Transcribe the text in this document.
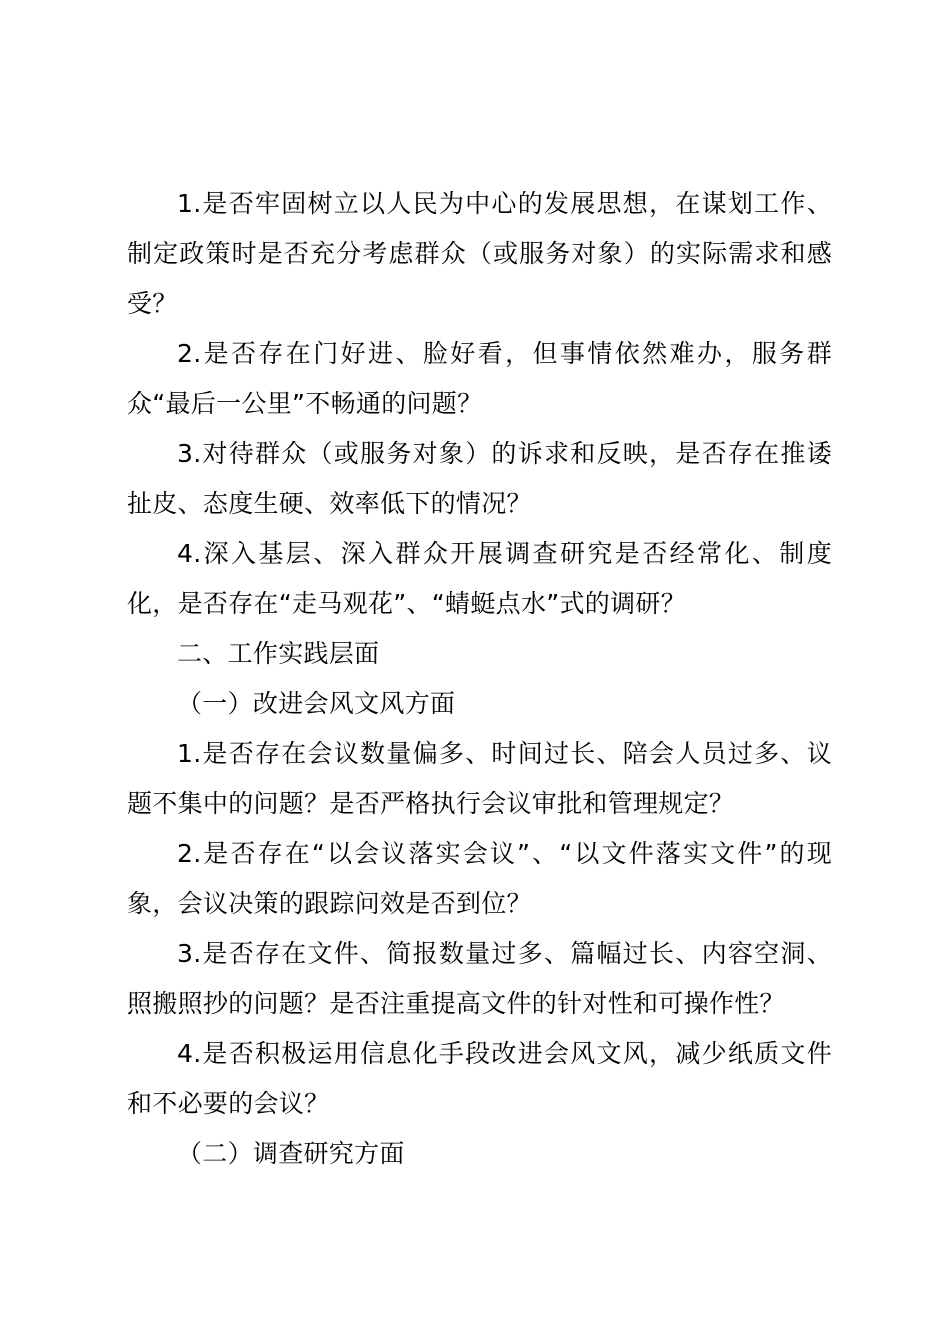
1.是否牢固树立以人民为中心的发展思想，在谋划工作、制定政策时是否充分考虑群众（或服务对象）的实际需求和感受？

2.是否存在门好进、脸好看，但事情依然难办，服务群众“最后一公里”不畅通的问题？

3.对待群众（或服务对象）的诉求和反映，是否存在推诿扯皮、态度生硬、效率低下的情况？

4.深入基层、深入群众开展调查研究是否经常化、制度化，是否存在“走马观花”、“蜻蜓点水”式的调研？

二、工作实践层面

（一）改进会风文风方面

1.是否存在会议数量偏多、时间过长、陪会人员过多、议题不集中的问题？是否严格执行会议审批和管理规定？

2.是否存在“以会议落实会议”、“以文件落实文件”的现象，会议决策的跟踪问效是否到位？

3.是否存在文件、简报数量过多、篇幅过长、内容空洞、照搬照抄的问题？是否注重提高文件的针对性和可操作性？

4.是否积极运用信息化手段改进会风文风，减少纸质文件和不必要的会议？

（二）调查研究方面
